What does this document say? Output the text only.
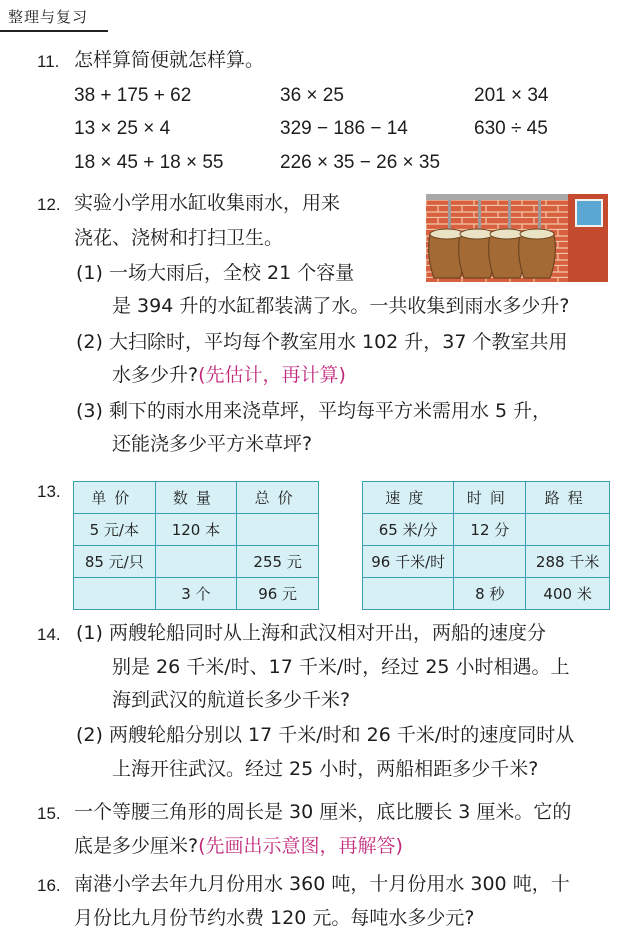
整理与复习
11. 怎样算简便就怎样算。
38 + 175 + 62	36 × 25	201 × 34
13 × 25 × 4	329 − 186 − 14	630 ÷ 45
18 × 45 + 18 × 55	226 × 35 − 26 × 35
12. 实验小学用水缸收集雨水，用来
浇花、浇树和打扫卫生。
(1) 一场大雨后，全校 21 个容量
是 394 升的水缸都装满了水。一共收集到雨水多少升?
(2) 大扫除时，平均每个教室用水 102 升，37 个教室共用
水多少升?(先估计，再计算)
(3) 剩下的雨水用来浇草坪，平均每平方米需用水 5 升，
还能浇多少平方米草坪?
13. 单价	数量	总价
5 元/本	120 本	
85 元/只		255 元
	3 个	96 元
速度	时间	路程
65 米/分	12 分	
96 千米/时		288 千米
	8 秒	400 米
14. (1) 两艘轮船同时从上海和武汉相对开出，两船的速度分
别是 26 千米/时、17 千米/时，经过 25 小时相遇。上
海到武汉的航道长多少千米?
(2) 两艘轮船分别以 17 千米/时和 26 千米/时的速度同时从
上海开往武汉。经过 25 小时，两船相距多少千米?
15. 一个等腰三角形的周长是 30 厘米，底比腰长 3 厘米。它的
底是多少厘米?(先画出示意图，再解答)
16. 南港小学去年九月份用水 360 吨，十月份用水 300 吨，十
月份比九月份节约水费 120 元。每吨水多少元?
